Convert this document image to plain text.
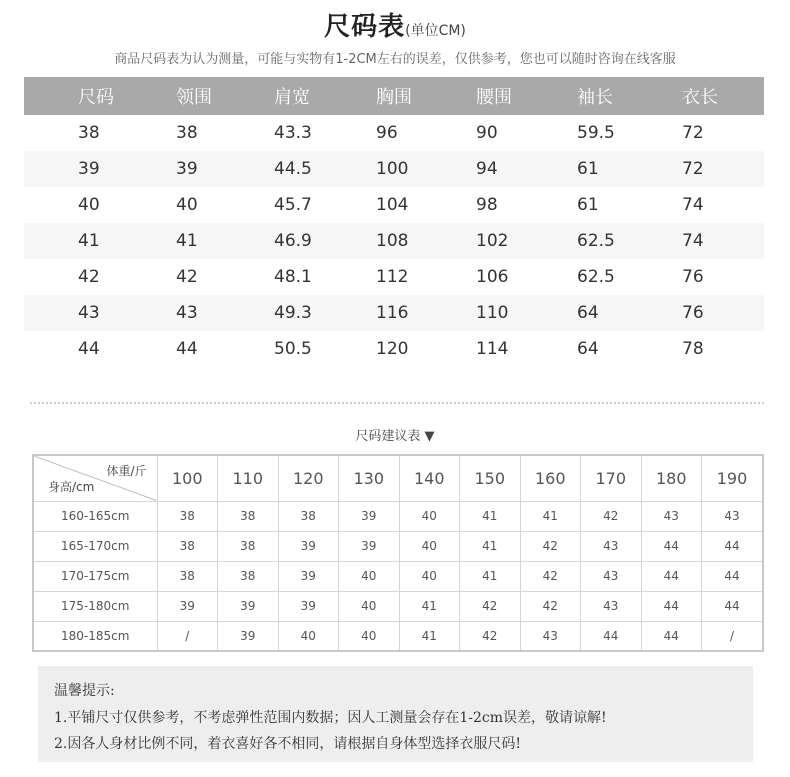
尺码表(单位CM)
商品尺码表为认为测量，可能与实物有1-2CM左右的误差，仅供参考，您也可以随时咨询在线客服
尺码	领围	肩宽	胸围	腰围	袖长	衣长
38	38	43.3	96	90	59.5	72
39	39	44.5	100	94	61	72
40	40	45.7	104	98	61	74
41	41	46.9	108	102	62.5	74
42	42	48.1	112	106	62.5	76
43	43	49.3	116	110	64	76
44	44	50.5	120	114	64	78
尺码建议表 ▼
体重/斤
身高/cm	100	110	120	130	140	150	160	170	180	190
160-165cm	38	38	38	39	40	41	41	42	43	43
165-170cm	38	38	39	39	40	41	42	43	44	44
170-175cm	38	38	39	40	40	41	42	43	44	44
175-180cm	39	39	39	40	41	42	42	43	44	44
180-185cm	/	39	40	40	41	42	43	44	44	/
温馨提示:
1.平铺尺寸仅供参考，不考虑弹性范围内数据；因人工测量会存在1-2cm误差，敬请谅解!
2.因各人身材比例不同，着衣喜好各不相同，请根据自身体型选择衣服尺码!
